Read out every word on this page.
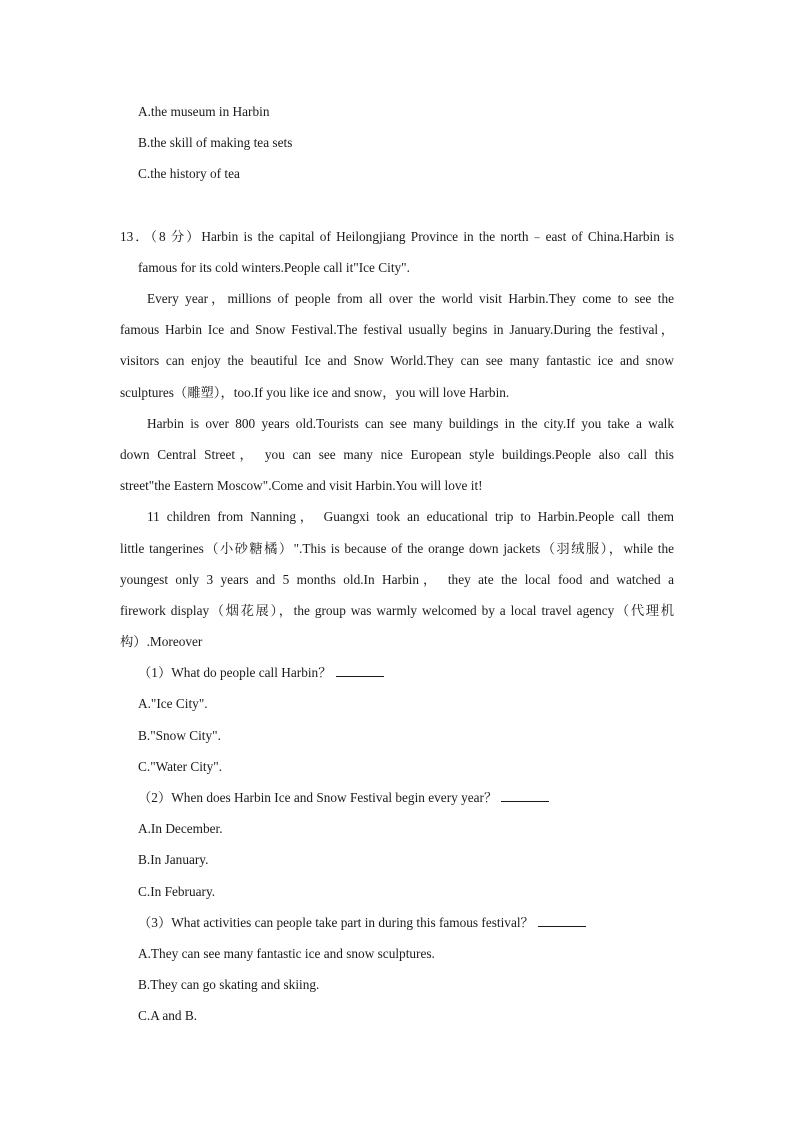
A.the museum in Harbin
B.the skill of making tea sets
C.the history of tea
13．（8 分）Harbin is the capital of Heilongjiang Province in the north﹣east of China.Harbin is
famous for its cold winters.People call it"Ice City".
Every year，millions of people from all over the world visit Harbin.They come to see the
famous Harbin Ice and Snow Festival.The festival usually begins in January.During the festival，
visitors can enjoy the beautiful Ice and Snow World.They can see many fantastic ice and snow
sculptures（雕塑），too.If you like ice and snow，you will love Harbin.
Harbin is over 800 years old.Tourists can see many buildings in the city.If you take a walk
down Central Street， you can see many nice European style buildings.People also call this
street"the Eastern Moscow".Come and visit Harbin.You will love it!
11 children from Nanning， Guangxi took an educational trip to Harbin.People call them
little tangerines（小砂糖橘）".This is because of the orange down jackets（羽绒服），while the
youngest only 3 years and 5 months old.In Harbin， they ate the local food and watched a
firework display（烟花展），the group was warmly welcomed by a local travel agency（代理机
构）.Moreover
（1）What do people call Harbin？
A."Ice City".
B."Snow City".
C."Water City".
（2）When does Harbin Ice and Snow Festival begin every year？
A.In December.
B.In January.
C.In February.
（3）What activities can people take part in during this famous festival？
A.They can see many fantastic ice and snow sculptures.
B.They can go skating and skiing.
C.A and B.
